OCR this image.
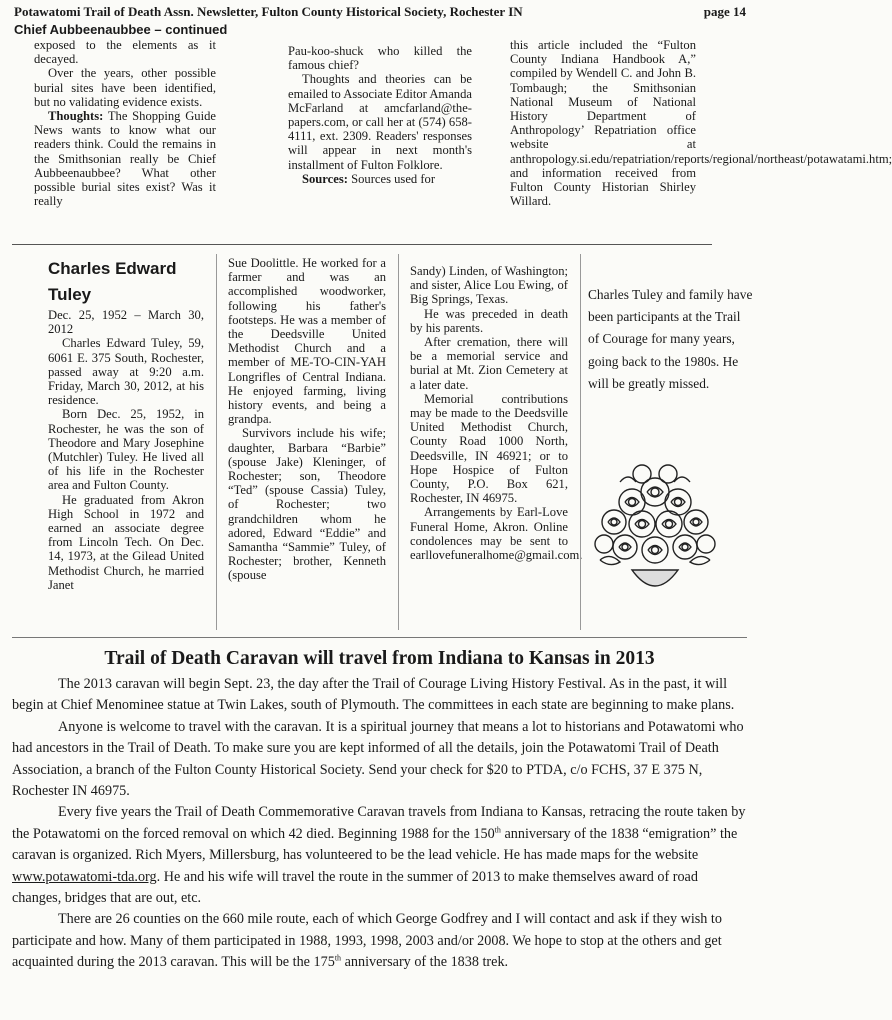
Potawatomi Trail of Death Assn. Newsletter, Fulton County Historical Society, Rochester IN	page 14
Chief Aubbeenaubbee – continued

exposed to the elements as it decayed.

Over the years, other possible burial sites have been identified, but no validating evidence exists.

Thoughts: The Shopping Guide News wants to know what our readers think. Could the remains in the Smithsonian really be Chief Aubbeenaubbee? What other possible burial sites exist? Was it really

Pau-koo-shuck who killed the famous chief?

Thoughts and theories can be emailed to Associate Editor Amanda McFarland at amcfarland@the-papers.com, or call her at (574) 658-4111, ext. 2309. Readers' responses will appear in next month's installment of Fulton Folklore.

Sources: Sources used for

this article included the “Fulton County Indiana Handbook A,” compiled by Wendell C. and John B. Tombaugh; the Smithsonian National Museum of National History Department of Anthropology’ Repatriation office website at anthropology.si.edu/repatriation/reports/regional/northeast/potawatami.htm; and information received from Fulton County Historian Shirley Willard.

Charles Edward
Tuley

Dec. 25, 1952 – March 30, 2012

Charles Edward Tuley, 59, 6061 E. 375 South, Rochester, passed away at 9:20 a.m. Friday, March 30, 2012, at his residence.

Born Dec. 25, 1952, in Rochester, he was the son of Theodore and Mary Josephine (Mutchler) Tuley. He lived all of his life in the Rochester area and Fulton County.

He graduated from Akron High School in 1972 and earned an associate degree from Lincoln Tech. On Dec. 14, 1973, at the Gilead United Methodist Church, he married Janet

Sue Doolittle. He worked for a farmer and was an accomplished woodworker, following his father's footsteps. He was a member of the Deedsville United Methodist Church and a member of ME-TO-CIN-YAH Longrifles of Central Indiana. He enjoyed farming, living history events, and being a grandpa.

Survivors include his wife; daughter, Barbara “Barbie” (spouse Jake) Kleninger, of Rochester; son, Theodore “Ted” (spouse Cassia) Tuley, of Rochester; two grandchildren whom he adored, Edward “Eddie” and Samantha “Sammie” Tuley, of Rochester; brother, Kenneth (spouse

Sandy) Linden, of Washington; and sister, Alice Lou Ewing, of Big Springs, Texas.

He was preceded in death by his parents.

After cremation, there will be a memorial service and burial at Mt. Zion Cemetery at a later date.

Memorial contributions may be made to the Deedsville United Methodist Church, County Road 1000 North, Deedsville, IN 46921; or to Hope Hospice of Fulton County, P.O. Box 621, Rochester, IN 46975.

Arrangements by Earl-Love Funeral Home, Akron. Online condolences may be sent to earllovefuneralhome@gmail.com.

Charles Tuley and family have been participants at the Trail of Courage for many years, going back to the 1980s. He will be greatly missed.
Trail of Death Caravan will travel from Indiana to Kansas in 2013

The 2013 caravan will begin Sept. 23, the day after the Trail of Courage Living History Festival. As in the past, it will begin at Chief Menominee statue at Twin Lakes, south of Plymouth. The committees in each state are beginning to make plans.

Anyone is welcome to travel with the caravan. It is a spiritual journey that means a lot to historians and Potawatomi who had ancestors in the Trail of Death. To make sure you are kept informed of all the details, join the Potawatomi Trail of Death Association, a branch of the Fulton County Historical Society. Send your check for $20 to PTDA, c/o FCHS, 37 E 375 N, Rochester IN 46975.

Every five years the Trail of Death Commemorative Caravan travels from Indiana to Kansas, retracing the route taken by the Potawatomi on the forced removal on which 42 died. Beginning 1988 for the 150th anniversary of the 1838 “emigration” the caravan is organized. Rich Myers, Millersburg, has volunteered to be the lead vehicle. He has made maps for the website www.potawatomi-tda.org. He and his wife will travel the route in the summer of 2013 to make themselves award of road changes, bridges that are out, etc.

There are 26 counties on the 660 mile route, each of which George Godfrey and I will contact and ask if they wish to participate and how. Many of them participated in 1988, 1993, 1998, 2003 and/or 2008. We hope to stop at the others and get acquainted during the 2013 caravan. This will be the 175th anniversary of the 1838 trek.
